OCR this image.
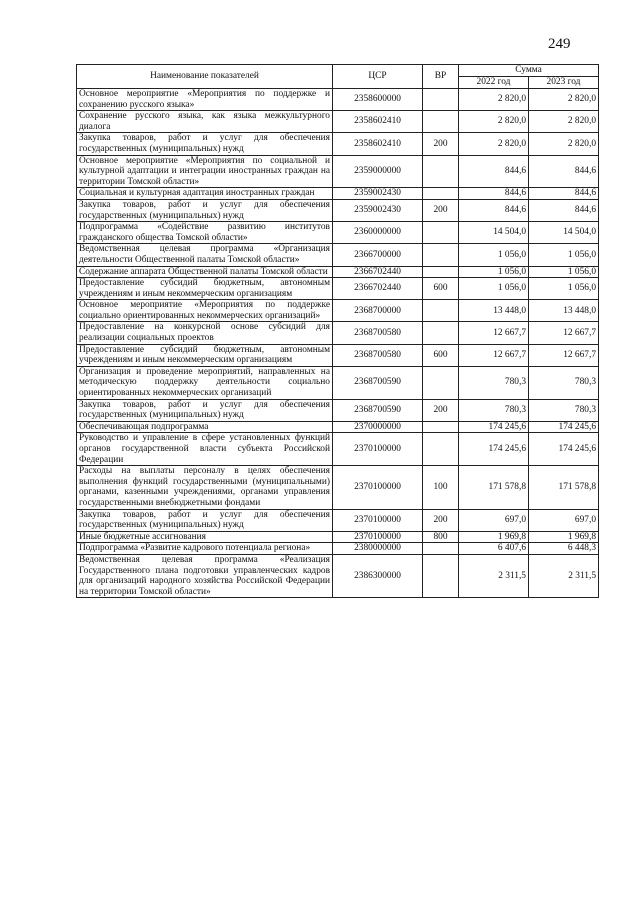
249
Наименование показателей	ЦСР	ВР	Сумма	
			2022 год	2023 год
Основное мероприятие «Мероприятия по поддержке и сохранению русского языка»	2358600000		2 820,0	2 820,0
Сохранение русского языка, как языка межкультурного диалога	2358602410		2 820,0	2 820,0
Закупка товаров, работ и услуг для обеспечения государственных (муниципальных) нужд	2358602410	200	2 820,0	2 820,0
Основное мероприятие «Мероприятия по социальной и культурной адаптации и интеграции иностранных граждан на территории Томской области»	2359000000		844,6	844,6
Социальная и культурная адаптация иностранных граждан	2359002430		844,6	844,6
Закупка товаров, работ и услуг для обеспечения государственных (муниципальных) нужд	2359002430	200	844,6	844,6
Подпрограмма «Содействие развитию институтов гражданского общества Томской области»	2360000000		14 504,0	14 504,0
Ведомственная целевая программа «Организация деятельности Общественной палаты Томской области»	2366700000		1 056,0	1 056,0
Содержание аппарата Общественной палаты Томской области	2366702440		1 056,0	1 056,0
Предоставление субсидий бюджетным, автономным учреждениям и иным некоммерческим организациям	2366702440	600	1 056,0	1 056,0
Основное мероприятие «Мероприятия по поддержке социально ориентированных некоммерческих организаций»	2368700000		13 448,0	13 448,0
Предоставление на конкурсной основе субсидий для реализации социальных проектов	2368700580		12 667,7	12 667,7
Предоставление субсидий бюджетным, автономным учреждениям и иным некоммерческим организациям	2368700580	600	12 667,7	12 667,7
Организация и проведение мероприятий, направленных на методическую поддержку деятельности социально ориентированных некоммерческих организаций	2368700590		780,3	780,3
Закупка товаров, работ и услуг для обеспечения государственных (муниципальных) нужд	2368700590	200	780,3	780,3
Обеспечивающая подпрограмма	2370000000		174 245,6	174 245,6
Руководство и управление в сфере установленных функций органов государственной власти субъекта Российской Федерации	2370100000		174 245,6	174 245,6
Расходы на выплаты персоналу в целях обеспечения выполнения функций государственными (муниципальными) органами, казенными учреждениями, органами управления государственными внебюджетными фондами	2370100000	100	171 578,8	171 578,8
Закупка товаров, работ и услуг для обеспечения государственных (муниципальных) нужд	2370100000	200	697,0	697,0
Иные бюджетные ассигнования	2370100000	800	1 969,8	1 969,8
Подпрограмма «Развитие кадрового потенциала региона»	2380000000		6 407,6	6 448,3
Ведомственная целевая программа «Реализация Государственного плана подготовки управленческих кадров для организаций народного хозяйства Российской Федерации на территории Томской области»	2386300000		2 311,5	2 311,5
